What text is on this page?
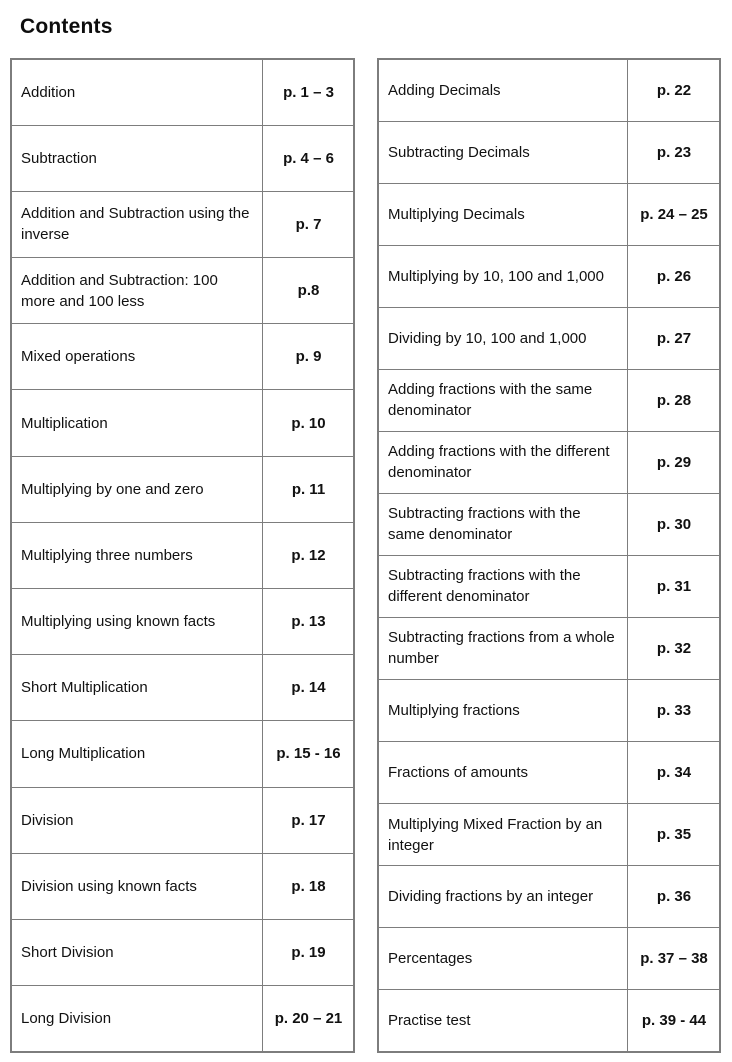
Contents
Addition	p. 1 – 3
Subtraction	p. 4 – 6
Addition and Subtraction using the inverse	p. 7
Addition and Subtraction: 100 more and 100 less	p.8
Mixed operations	p. 9
Multiplication	p. 10
Multiplying by one and zero	p. 11
Multiplying three numbers	p. 12
Multiplying using known facts	p. 13
Short Multiplication	p. 14
Long Multiplication	p. 15 - 16
Division	p. 17
Division using known facts	p. 18
Short Division	p. 19
Long Division	p. 20 – 21
Adding Decimals	p. 22
Subtracting Decimals	p. 23
Multiplying Decimals	p. 24 – 25
Multiplying by 10, 100 and 1,000	p. 26
Dividing by 10, 100 and 1,000	p. 27
Adding fractions with the same denominator	p. 28
Adding fractions with the different denominator	p. 29
Subtracting fractions with the same denominator	p. 30
Subtracting fractions with the different denominator	p. 31
Subtracting fractions from a whole number	p. 32
Multiplying fractions	p. 33
Fractions of amounts	p. 34
Multiplying Mixed Fraction by an integer	p. 35
Dividing fractions by an integer	p. 36
Percentages	p. 37 – 38
Practise test	p. 39 - 44
